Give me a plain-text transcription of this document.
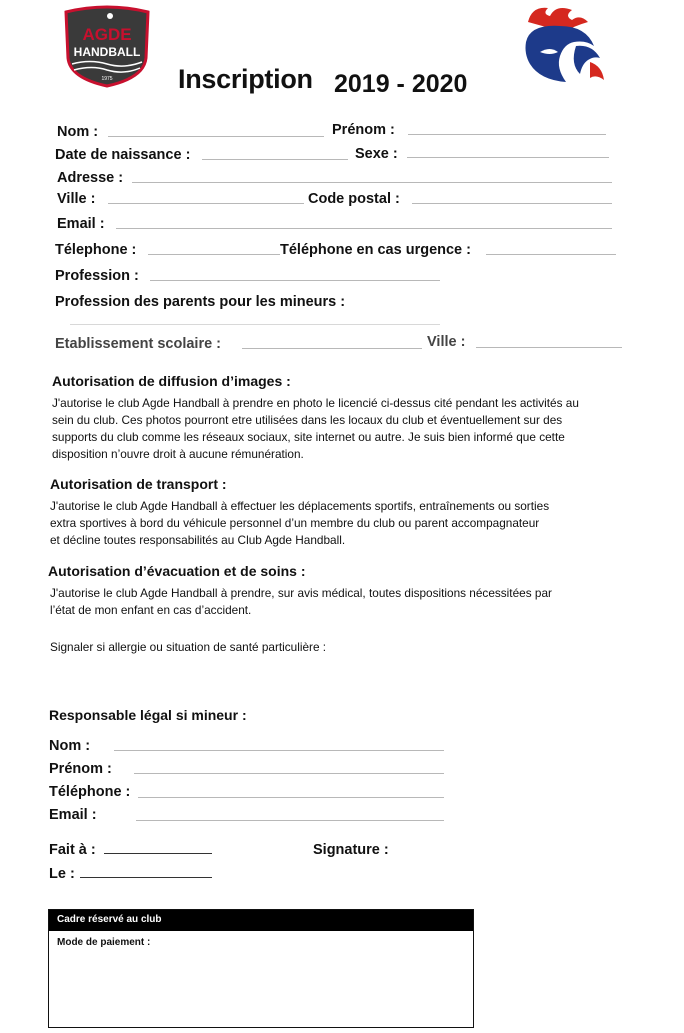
AGDE
HANDBALL
1975 Inscription 2019 - 2020
Nom :	Prénom :
Date de naissance :	Sexe :
Adresse :
Ville :	Code postal :
Email :
Télephone :	Téléphone en cas urgence :
Profession :
Profession des parents pour les mineurs :
Etablissement scolaire :	Ville :
Autorisation de diffusion d’images :
J'autorise le club Agde Handball à prendre en photo le licencié ci-dessus cité pendant les activités au
sein du club. Ces photos pourront etre utilisées dans les locaux du club et éventuellement sur des
supports du club comme les réseaux sociaux, site internet ou autre. Je suis bien informé que cette
disposition n’ouvre droit à aucune rémunération.
Autorisation de transport :
J'autorise le club Agde Handball à effectuer les déplacements sportifs, entraînements ou sorties
extra sportives à bord du véhicule personnel d’un membre du club ou parent accompagnateur
et décline toutes responsabilités au Club Agde Handball.
Autorisation d’évacuation et de soins :
J'autorise le club Agde Handball à prendre, sur avis médical, toutes dispositions nécessitées par
l’état de mon enfant en cas d’accident.
Signaler si allergie ou situation de santé particulière :
Responsable légal si mineur :
Nom :
Prénom :
Téléphone :
Email :
Fait à :	Signature :
Le :
Cadre réservé au club
Mode de paiement :
